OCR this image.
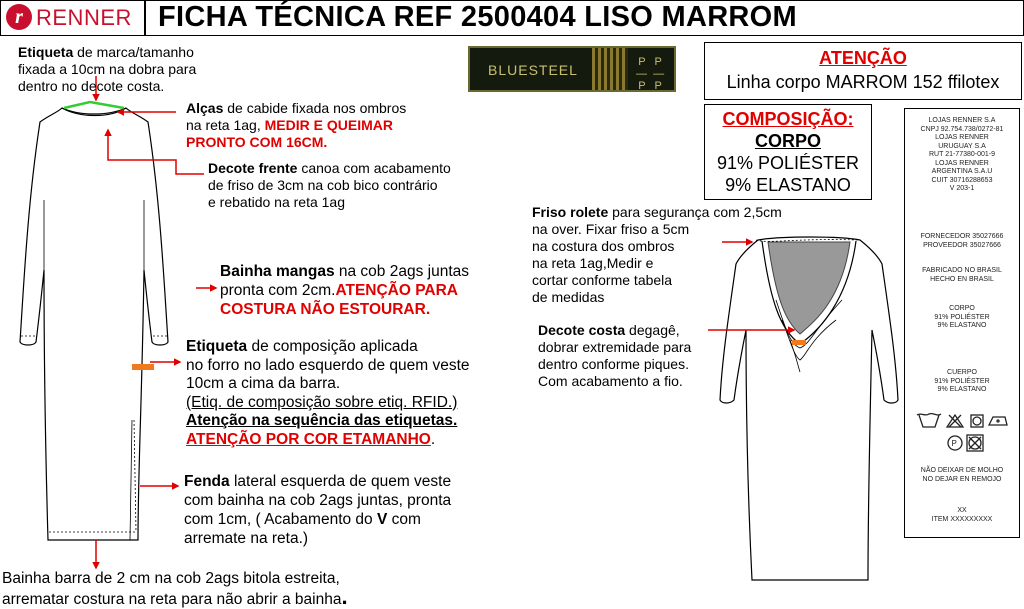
r RENNER FICHA TÉCNICA REF 2500404 LISO MARROM
Etiqueta de marca/tamanho
fixada a 10cm na dobra para
dentro no decote costa.
Alças de cabide fixada nos ombros
na reta 1ag, MEDIR E QUEIMAR
PRONTO COM 16CM.
Decote frente canoa com acabamento
de friso de 3cm na cob bico contrário
e rebatido na reta 1ag
Bainha mangas na cob 2ags juntas
pronta com 2cm.ATENÇÃO PARA
COSTURA NÃO ESTOURAR.
Etiqueta de composição aplicada
no forro no lado esquerdo de quem veste
10cm a cima da barra.
(Etiq. de composição sobre etiq. RFID.)
Atenção na sequência das etiquetas.
ATENÇÃO POR COR ETAMANHO.
Fenda lateral esquerda de quem veste
com bainha na cob 2ags juntas, pronta
com 1cm, ( Acabamento do V com
arremate na reta.)
Bainha barra de 2 cm na cob 2ags bitola estreita,
arrematar costura na reta para não abrir a bainha.
BLUESTEEL	P P
—  —
P P
ATENÇÃO
Linha corpo MARROM 152 ffilotex
COMPOSIÇÃO:
CORPO
91% POLIÉSTER
9% ELASTANO
Friso rolete para segurança com 2,5cm
na over. Fixar friso a 5cm
na costura dos ombros
na reta 1ag,Medir e
cortar conforme tabela
de medidas
Decote costa degagê,
dobrar extremidade para
dentro conforme piques.
Com acabamento a fio.
LOJAS RENNER S.A
CNPJ 92.754.738/0272-81
LOJAS RENNER
URUGUAY S.A
RUT 21-77380-001-9
LOJAS RENNER
ARGENTINA S.A.U
CUIT 30716288653
V 203-1
FORNECEDOR 35027666
PROVEEDOR 35027666
FABRICADO NO BRASIL
HECHO EN BRASIL
CORPO
91% POLIÉSTER
9% ELASTANO
CUERPO
91% POLIÉSTER
9% ELASTANO
P
NÃO DEIXAR DE MOLHO
NO DEJAR EN REMOJO
XX
ITEM XXXXXXXXX
